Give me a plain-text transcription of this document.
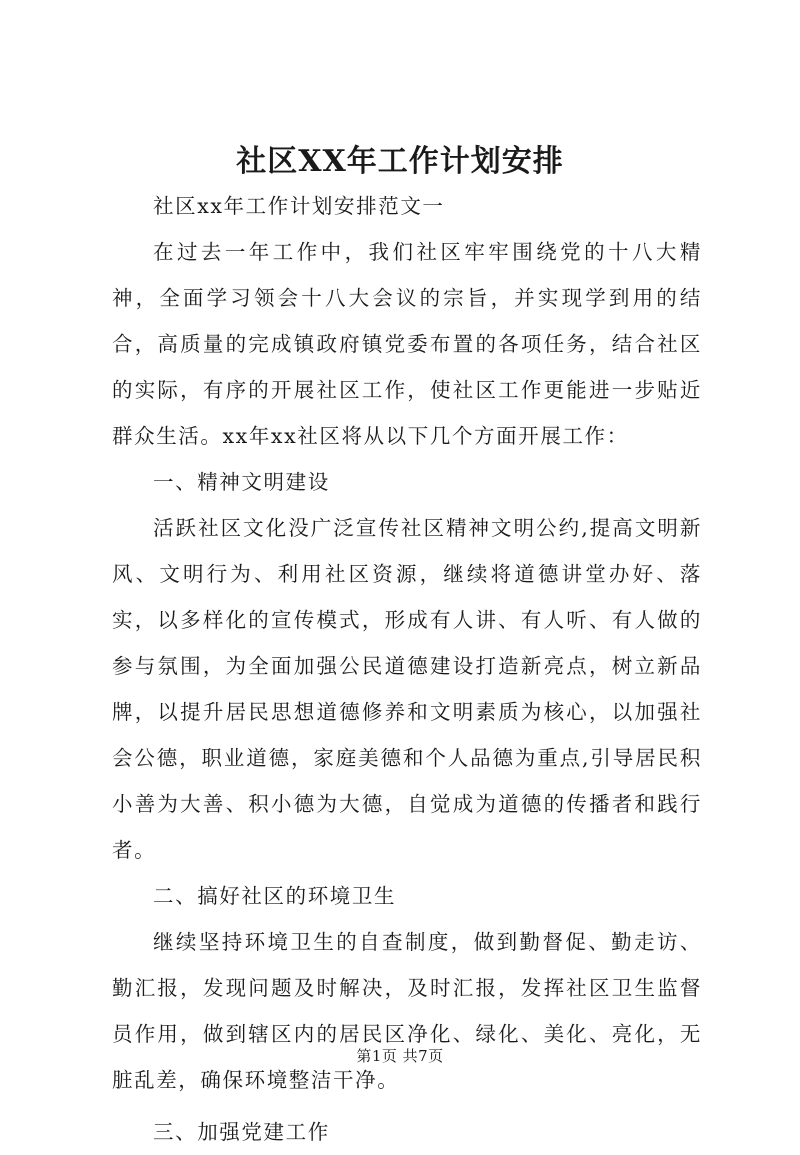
社区XX年工作计划安排

社区xx年工作计划安排范文一

在过去一年工作中，我们社区牢牢围绕党的十八大精神，全面学习领会十八大会议的宗旨，并实现学到用的结合，高质量的完成镇政府镇党委布置的各项任务，结合社区的实际，有序的开展社区工作，使社区工作更能进一步贴近群众生活。xx年xx社区将从以下几个方面开展工作：

一、精神文明建设

活跃社区文化没广泛宣传社区精神文明公约,提高文明新风、文明行为、利用社区资源，继续将道德讲堂办好、落实，以多样化的宣传模式，形成有人讲、有人听、有人做的参与氛围，为全面加强公民道德建设打造新亮点，树立新品牌，以提升居民思想道德修养和文明素质为核心，以加强社会公德，职业道德，家庭美德和个人品德为重点,引导居民积小善为大善、积小德为大德，自觉成为道德的传播者和践行者。

二、搞好社区的环境卫生

继续坚持环境卫生的自查制度，做到勤督促、勤走访、勤汇报，发现问题及时解决，及时汇报，发挥社区卫生监督员作用，做到辖区内的居民区净化、绿化、美化、亮化，无脏乱差，确保环境整洁干净。

三、加强党建工作

第1页 共7页
